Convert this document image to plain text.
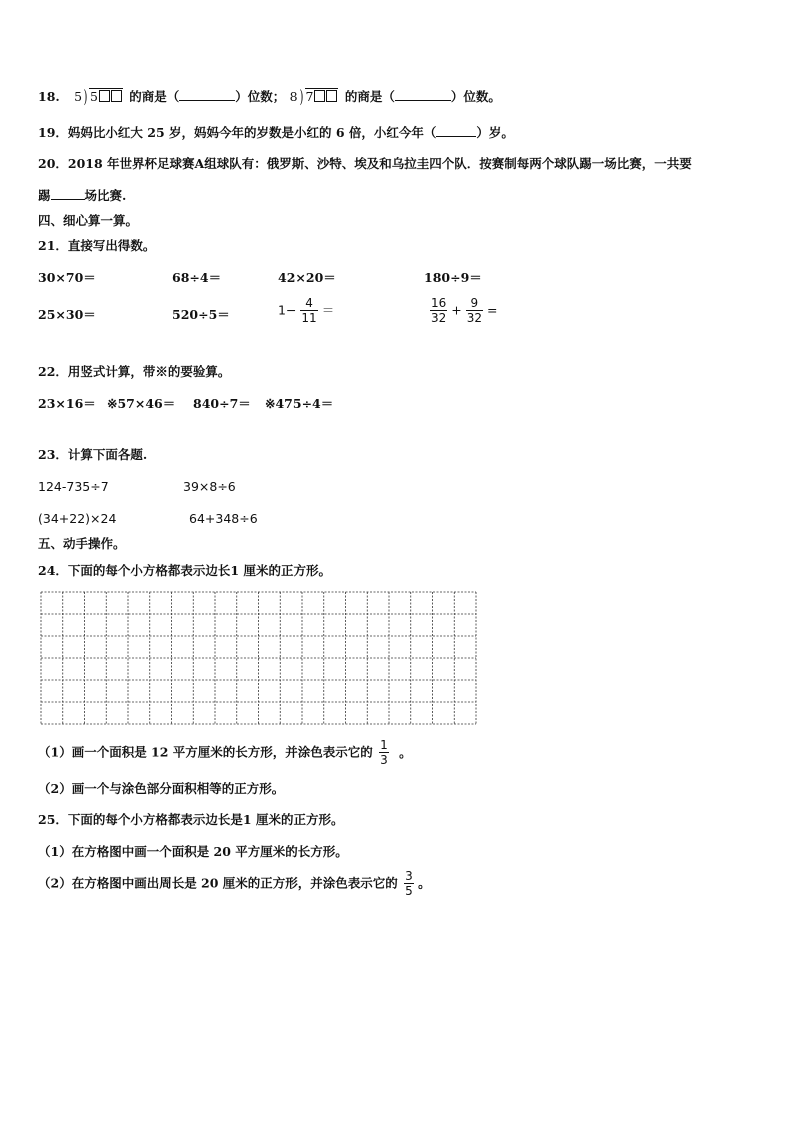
18. 5) 5	的商是（	）位数； 8) 7	的商是（	）位数。
19．妈妈比小红大 25 岁，妈妈今年的岁数是小红的 6 倍，小红今年（	）岁。
20．2018 年世界杯足球赛A组球队有：俄罗斯、沙特、埃及和乌拉圭四个队．按赛制每两个球队踢一场比赛，一共要
踢	场比赛.
四、细心算一算。
21．直接写出得数。
30×70＝	68÷4＝	42×20＝	180÷9＝
25×30＝	520÷5＝	$1- \frac{4}{11}$ ＝	$\frac{16}{32} + \frac{9}{32}$ =
22．用竖式计算，带※的要验算。
23×16＝ ※57×46＝ 840÷7＝ ※475÷4＝
23．计算下面各题.
124-735÷7	39×8÷6
(34+22)×24	64+348÷6
五、动手操作。
24．下面的每个小方格都表示边长1 厘米的正方形。
（1）画一个面积是 12 平方厘米的长方形，并涂色表示它的 $\frac{1}{3}$ 。
（2）画一个与涂色部分面积相等的正方形。
25．下面的每个小方格都表示边长是1 厘米的正方形。
（1）在方格图中画一个面积是 20 平方厘米的长方形。
（2）在方格图中画出周长是 20 厘米的正方形，并涂色表示它的 $\frac{3}{5}$ 。
